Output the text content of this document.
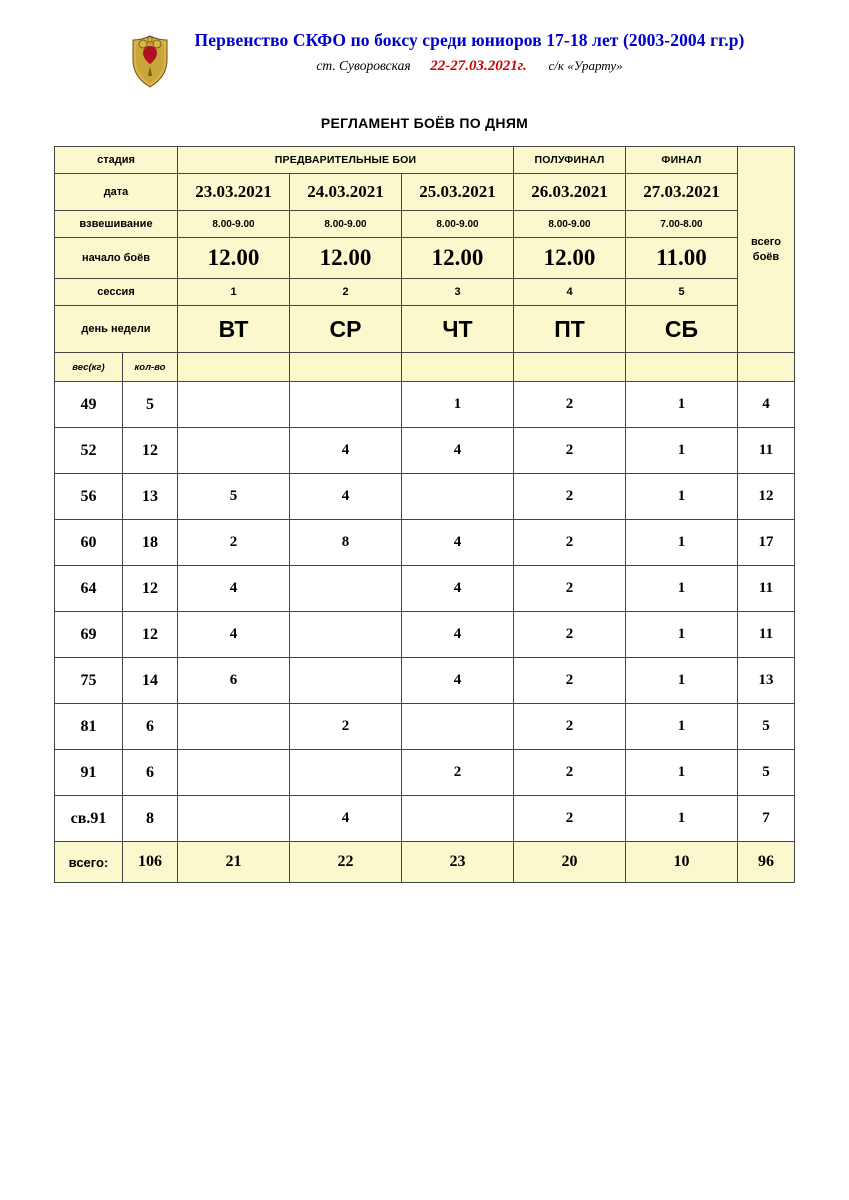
Первенство СКФО по боксу среди юниоров 17-18 лет (2003-2004 гг.р)
ст. Суворовская 22-27.03.2021г. с/к «Урарту»
РЕГЛАМЕНТ БОЁВ ПО ДНЯМ
стадия		ПРЕДВАРИТЕЛЬНЫЕ БОИ			ПОЛУФИНАЛ	ФИНАЛ	всего боёв
дата		23.03.2021	24.03.2021	25.03.2021	26.03.2021	27.03.2021	
взвешивание		8.00-9.00	8.00-9.00	8.00-9.00	8.00-9.00	7.00-8.00	
начало боёв		12.00	12.00	12.00	12.00	11.00	
сессия		1	2	3	4	5	
день недели		ВТ	СР	ЧТ	ПТ	СБ	
вес(кг)	кол-во						
49	5			1	2	1	4
52	12		4	4	2	1	11
56	13	5	4		2	1	12
60	18	2	8	4	2	1	17
64	12	4		4	2	1	11
69	12	4		4	2	1	11
75	14	6		4	2	1	13
81	6		2		2	1	5
91	6			2	2	1	5
св.91	8		4		2	1	7
всего:	106	21	22	23	20	10	96
